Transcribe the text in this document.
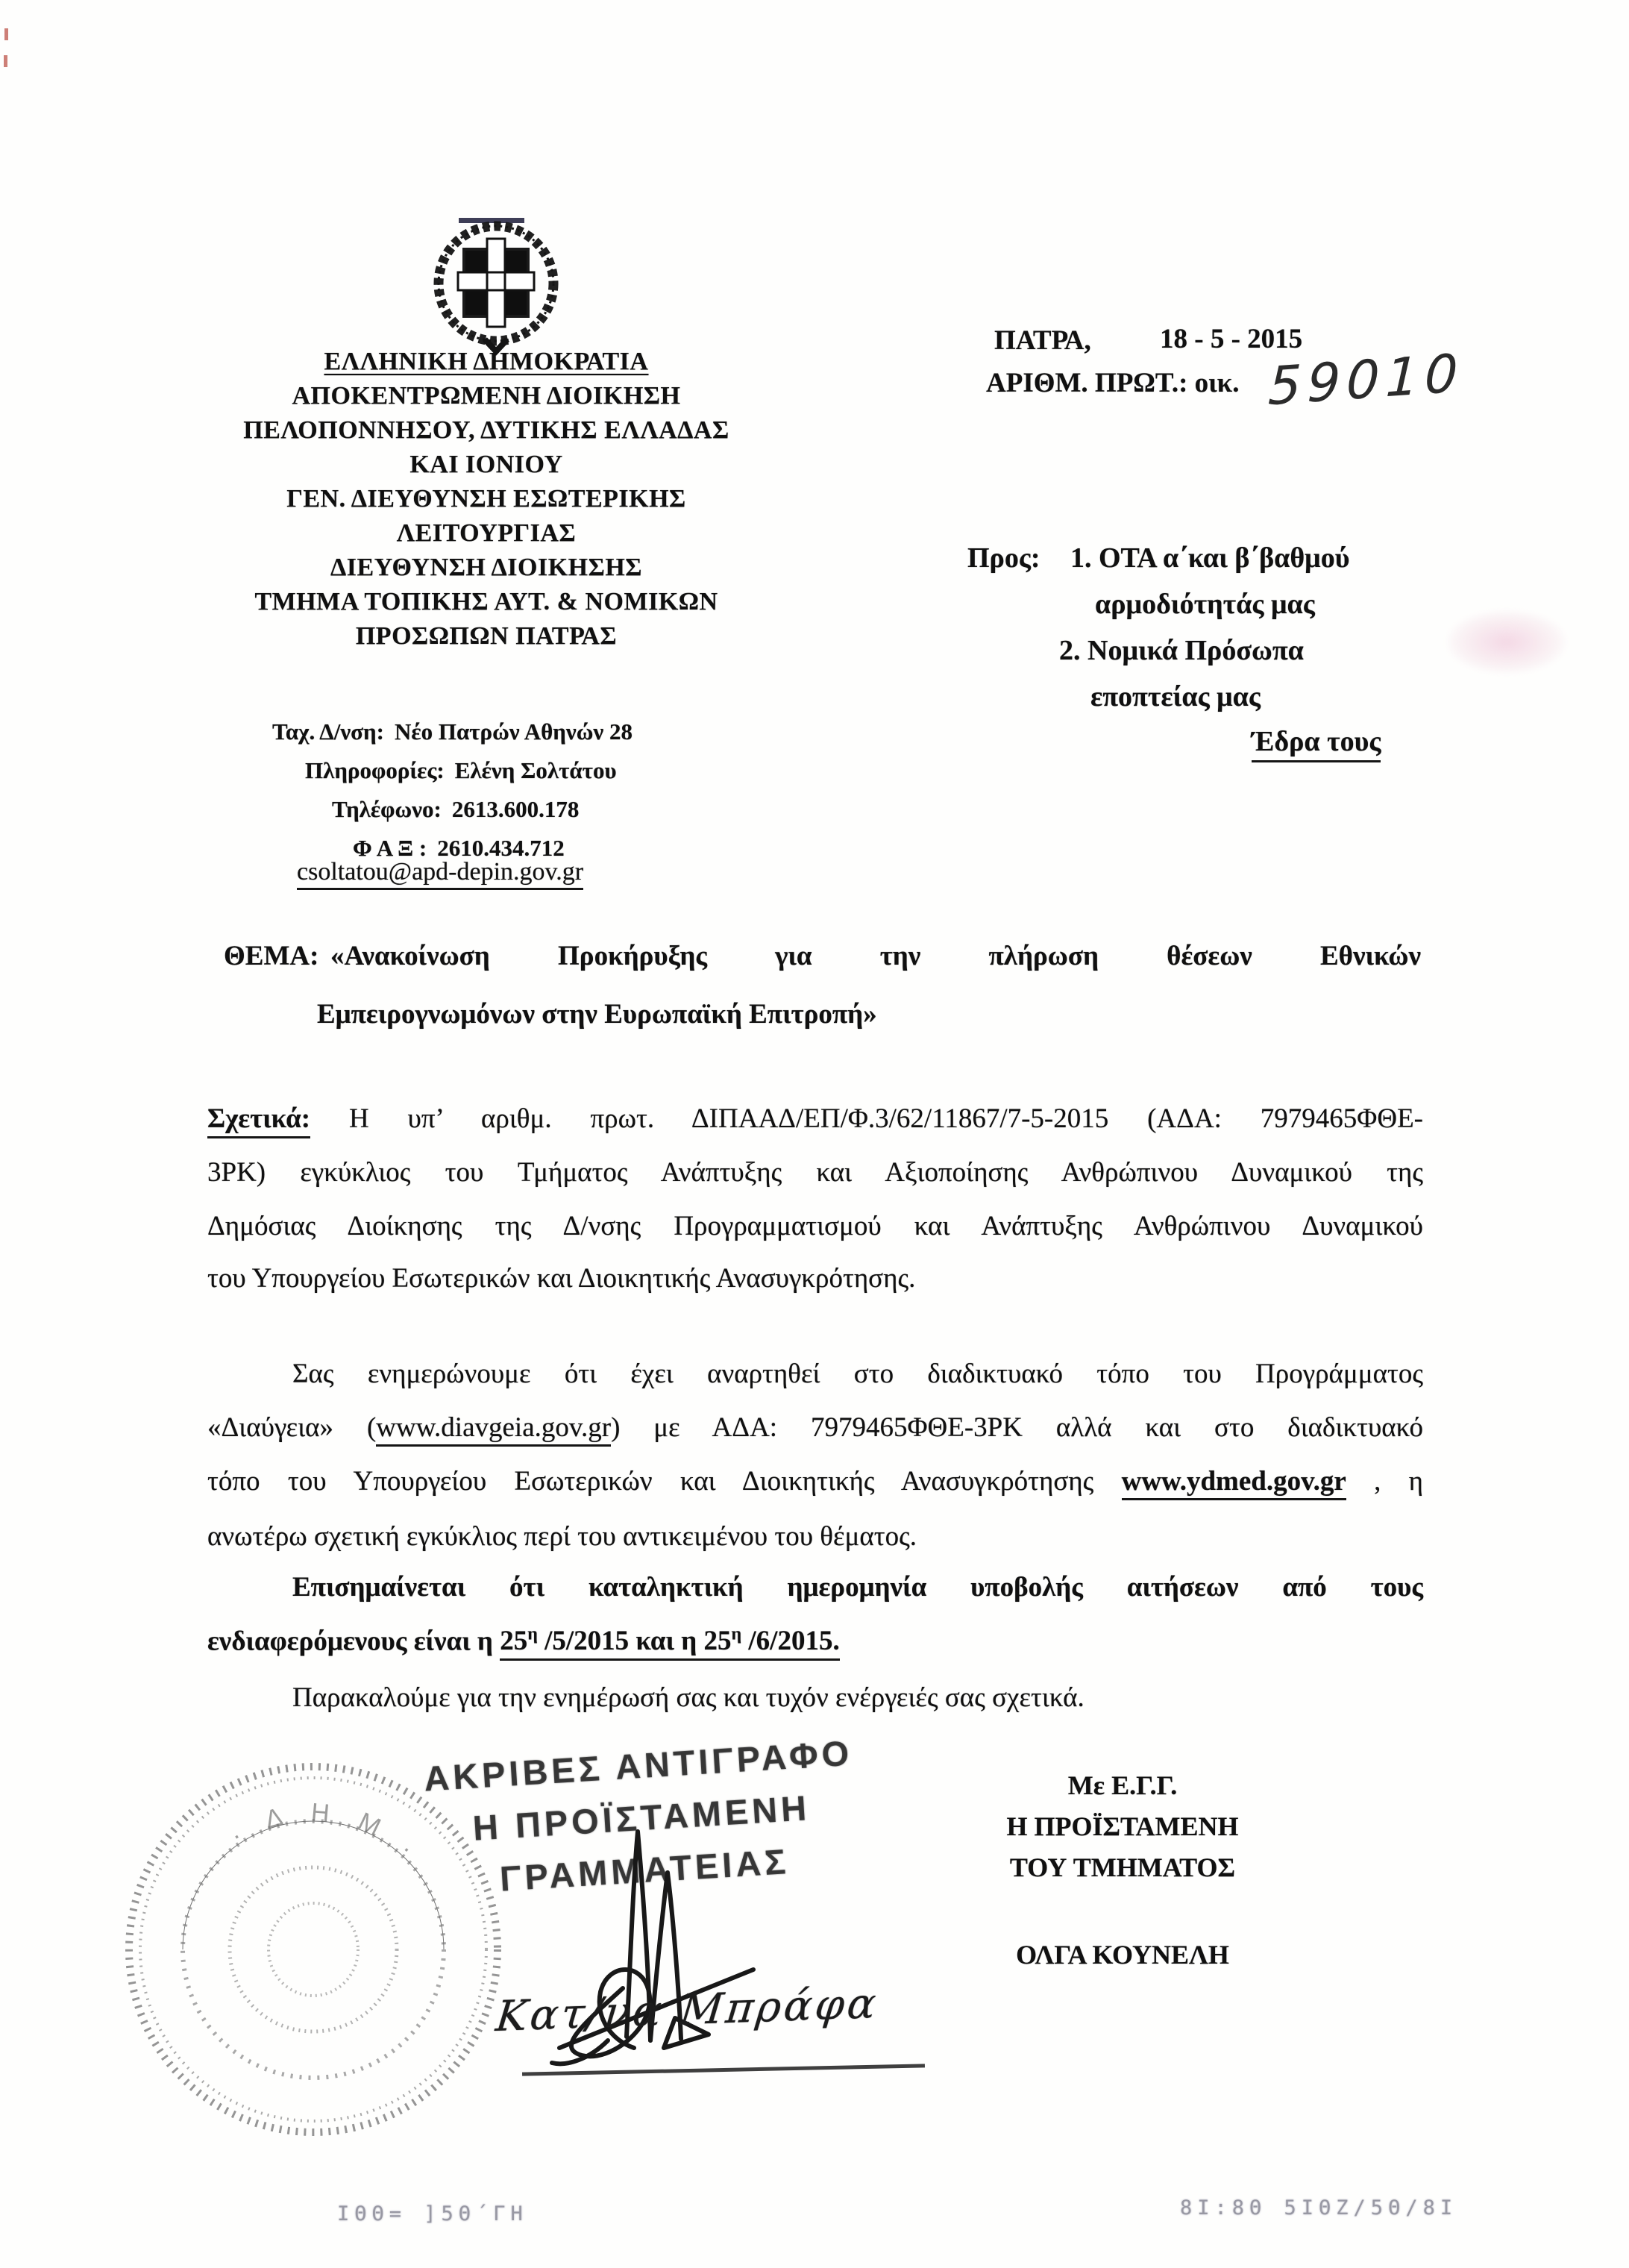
ΕΛΛΗΝΙΚΗ ΔΗΜΟΚΡΑΤΙΑ
ΑΠΟΚΕΝΤΡΩΜΕΝΗ ΔΙΟΙΚΗΣΗ
ΠΕΛΟΠΟΝΝΗΣΟΥ, ΔΥΤΙΚΗΣ ΕΛΛΑΔΑΣ
ΚΑΙ ΙΟΝΙΟΥ
ΓΕΝ. ΔΙΕΥΘΥΝΣΗ ΕΣΩΤΕΡΙΚΗΣ
ΛΕΙΤΟΥΡΓΙΑΣ
ΔΙΕΥΘΥΝΣΗ ΔΙΟΙΚΗΣΗΣ
ΤΜΗΜΑ ΤΟΠΙΚΗΣ ΑΥΤ. & ΝΟΜΙΚΩΝ
ΠΡΟΣΩΠΩΝ ΠΑΤΡΑΣ
Ταχ. Δ/νση: Νέο Πατρών Αθηνών 28
Πληροφορίες: Ελένη Σολτάτου
Τηλέφωνο: 2613.600.178
Φ Α Ξ : 2610.434.712
csoltatou@apd-depin.gov.gr
ΠΑΤΡΑ, 18 - 5 - 2015
ΑΡΙΘΜ. ΠΡΩΤ.: οικ. 59010
Προς: 1. ΟΤΑ α΄και β΄βαθμού
αρμοδιότητάς μας
2. Νομικά Πρόσωπα
εποπτείας μας
Έδρα τους
ΘΕΜΑ: «Ανακοίνωση Προκήρυξης για την πλήρωση θέσεων Εθνικών
Εμπειρογνωμόνων στην Ευρωπαϊκή Επιτροπή»
Σχετικά: Η υπ’ αριθμ. πρωτ. ΔΙΠΑΑΔ/ΕΠ/Φ.3/62/11867/7-5-2015 (ΑΔΑ: 7979465ΦΘΕ-
3ΡΚ) εγκύκλιος του Τμήματος Ανάπτυξης και Αξιοποίησης Ανθρώπινου Δυναμικού της
Δημόσιας Διοίκησης της Δ/νσης Προγραμματισμού και Ανάπτυξης Ανθρώπινου Δυναμικού
του Υπουργείου Εσωτερικών και Διοικητικής Ανασυγκρότησης.
Σας ενημερώνουμε ότι έχει αναρτηθεί στο διαδικτυακό τόπο του Προγράμματος
«Διαύγεια» (www.diavgeia.gov.gr) με ΑΔΑ: 7979465ΦΘΕ-3ΡΚ αλλά και στο διαδικτυακό
τόπο του Υπουργείου Εσωτερικών και Διοικητικής Ανασυγκρότησης www.ydmed.gov.gr , η
ανωτέρω σχετική εγκύκλιος περί του αντικειμένου του θέματος.
Επισημαίνεται ότι καταληκτική ημερομηνία υποβολής αιτήσεων από τους
ενδιαφερόμενους είναι η $25^\eta$ /5/2015 και η $25^\eta$ /6/2015.
Παρακαλούμε για την ενημέρωσή σας και τυχόν ενέργειές σας σχετικά.
· Δ Η Μ ·
ΑΚΡΙΒΕΣ ΑΝΤΙΓΡΑΦΟ
Η ΠΡΟΪΣΤΑΜΕΝΗ
ΓΡΑΜΜΑΤΕΙΑΣ
Κατ/να Μπράφα
Με Ε.Γ.Γ.
Η ΠΡΟΪΣΤΑΜΕΝΗ
ΤΟΥ ΤΜΗΜΑΤΟΣ
ΟΛΓΑ ΚΟΥΝΕΛΗ
ΙΘΘ= ]5Θ΄ΓΗ	8Ι:8Θ 5ΙΘΖ/5Θ/8Ι
